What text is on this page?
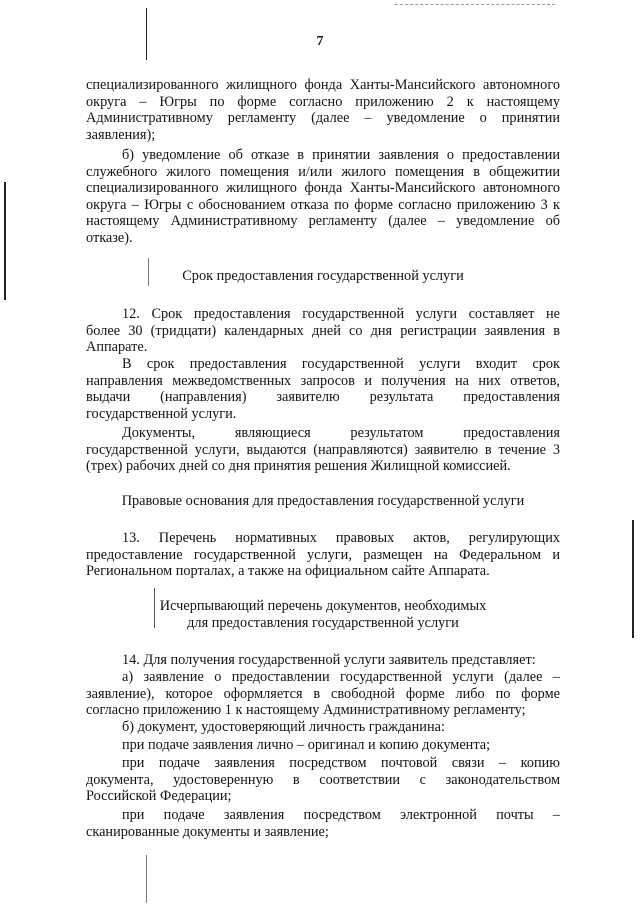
7
специализированного жилищного фонда Ханты-Мансийского автономного
округа – Югры по форме согласно приложению 2 к настоящему
Административному регламенту (далее – уведомление о принятии
заявления);
б) уведомление об отказе в принятии заявления о предоставлении
служебного жилого помещения и/или жилого помещения в общежитии
специализированного жилищного фонда Ханты-Мансийского автономного
округа – Югры с обоснованием отказа по форме согласно приложению 3 к
настоящему Административному регламенту (далее – уведомление об
отказе).
Срок предоставления государственной услуги
12. Срок предоставления государственной услуги составляет не
более 30 (тридцати) календарных дней со дня регистрации заявления в
Аппарате.
В срок предоставления государственной услуги входит срок
направления межведомственных запросов и получения на них ответов,
выдачи (направления) заявителю результата предоставления
государственной услуги.
Документы, являющиеся результатом предоставления
государственной услуги, выдаются (направляются) заявителю в течение 3
(трех) рабочих дней со дня принятия решения Жилищной комиссией.
Правовые основания для предоставления государственной услуги
13. Перечень нормативных правовых актов, регулирующих
предоставление государственной услуги, размещен на Федеральном и
Региональном порталах, а также на официальном сайте Аппарата.
Исчерпывающий перечень документов, необходимых
для предоставления государственной услуги
14. Для получения государственной услуги заявитель представляет:
а) заявление о предоставлении государственной услуги (далее –
заявление), которое оформляется в свободной форме либо по форме
согласно приложению 1 к настоящему Административному регламенту;
б) документ, удостоверяющий личность гражданина:
при подаче заявления лично – оригинал и копию документа;
при подаче заявления посредством почтовой связи – копию
документа, удостоверенную в соответствии с законодательством
Российской Федерации;
при подаче заявления посредством электронной почты –
сканированные документы и заявление;
